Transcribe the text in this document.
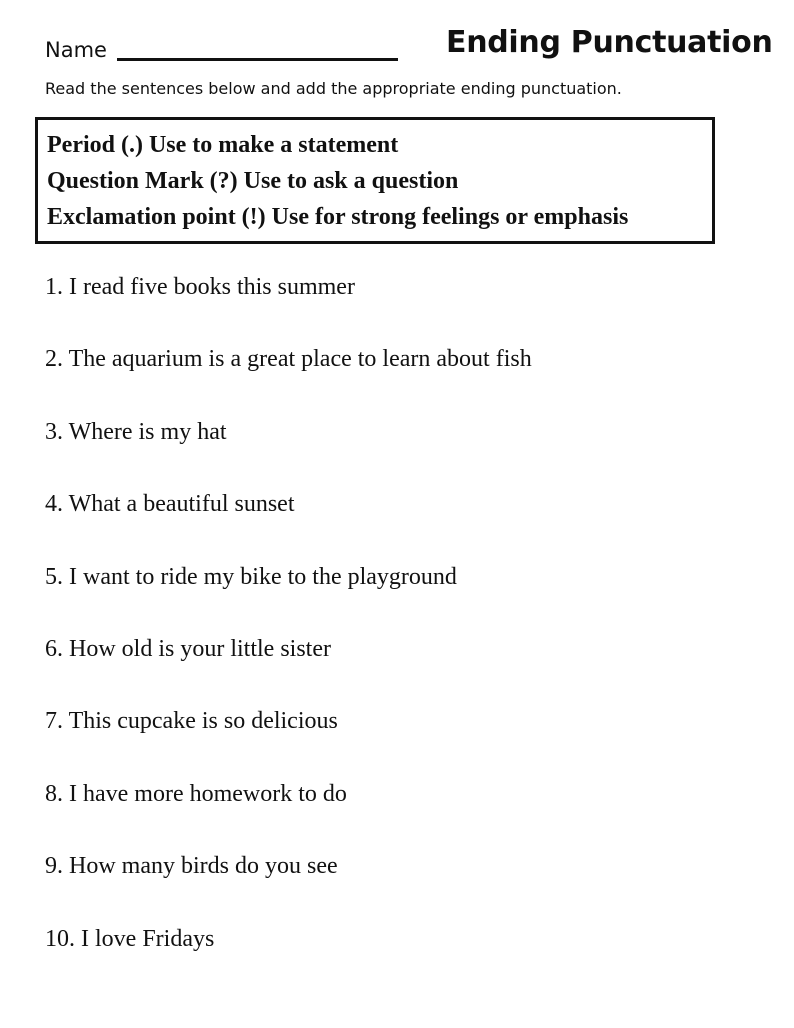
Name	Ending Punctuation
Read the sentences below and add the appropriate ending punctuation.
Period (.) Use to make a statement
Question Mark (?) Use to ask a question
Exclamation point (!) Use for strong feelings or emphasis
1. I read five books this summer
2. The aquarium is a great place to learn about fish
3. Where is my hat
4. What a beautiful sunset
5. I want to ride my bike to the playground
6. How old is your little sister
7. This cupcake is so delicious
8. I have more homework to do
9. How many birds do you see
10. I love Fridays
